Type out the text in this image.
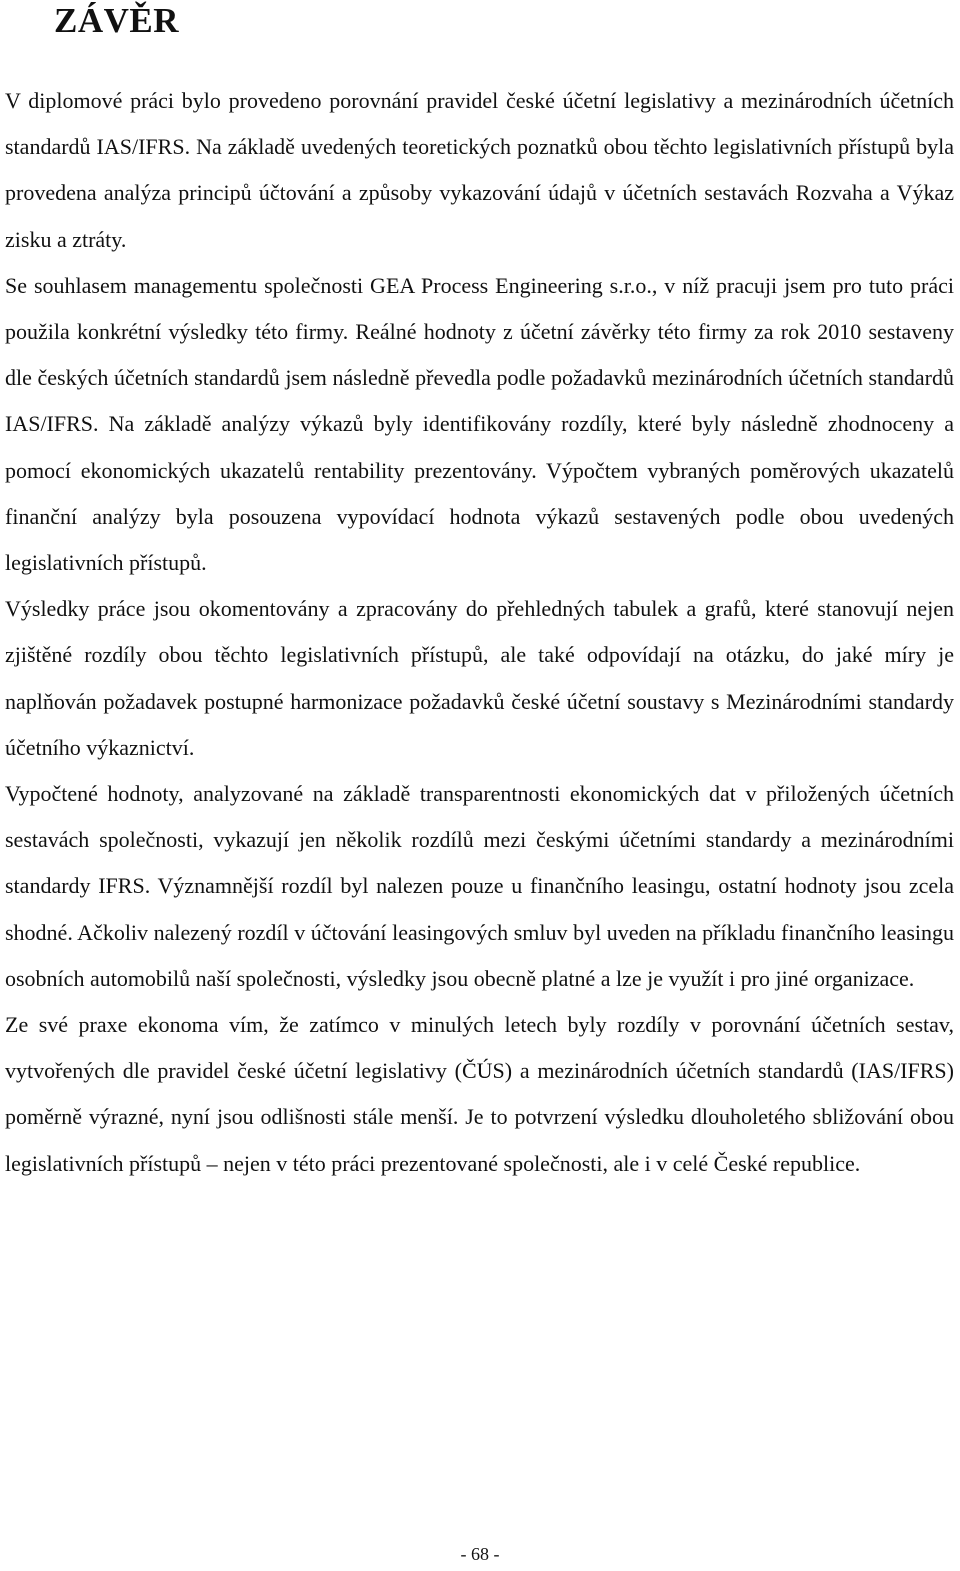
ZÁVĚR

V diplomové práci bylo provedeno porovnání pravidel české účetní legislativy a mezinárodních účetních standardů IAS/IFRS. Na základě uvedených teoretických poznatků obou těchto legislativních přístupů byla provedena analýza principů účtování a způsoby vykazování údajů v účetních sestavách Rozvaha a Výkaz zisku a ztráty.

Se souhlasem managementu společnosti GEA Process Engineering s.r.o., v níž pracuji jsem pro tuto práci použila konkrétní výsledky této firmy. Reálné hodnoty z účetní závěrky této firmy za rok 2010 sestaveny dle českých účetních standardů jsem následně převedla podle požadavků mezinárodních účetních standardů IAS/IFRS. Na základě analýzy výkazů byly identifikovány rozdíly, které byly následně zhodnoceny a pomocí ekonomických ukazatelů rentability prezentovány. Výpočtem vybraných poměrových ukazatelů finanční analýzy byla posouzena vypovídací hodnota výkazů sestavených podle obou uvedených legislativních přístupů.

Výsledky práce jsou okomentovány a zpracovány do přehledných tabulek a grafů, které stanovují nejen zjištěné rozdíly obou těchto legislativních přístupů, ale také odpovídají na otázku, do jaké míry je naplňován požadavek postupné harmonizace požadavků české účetní soustavy s Mezinárodními standardy účetního výkaznictví.

Vypočtené hodnoty, analyzované na základě transparentnosti ekonomických dat v přiložených účetních sestavách společnosti, vykazují jen několik rozdílů mezi českými účetními standardy a mezinárodními standardy IFRS. Významnější rozdíl byl nalezen pouze u finančního leasingu, ostatní hodnoty jsou zcela shodné. Ačkoliv nalezený rozdíl v účtování leasingových smluv byl uveden na příkladu finančního leasingu osobních automobilů naší společnosti, výsledky jsou obecně platné a lze je využít i pro jiné organizace.

Ze své praxe ekonoma vím, že zatímco v minulých letech byly rozdíly v porovnání účetních sestav, vytvořených dle pravidel české účetní legislativy (ČÚS) a mezinárodních účetních standardů (IAS/IFRS) poměrně výrazné, nyní jsou odlišnosti stále menší. Je to potvrzení výsledku dlouholetého sbližování obou legislativních přístupů – nejen v této práci prezentované společnosti, ale i v celé České republice.

- 68 -
